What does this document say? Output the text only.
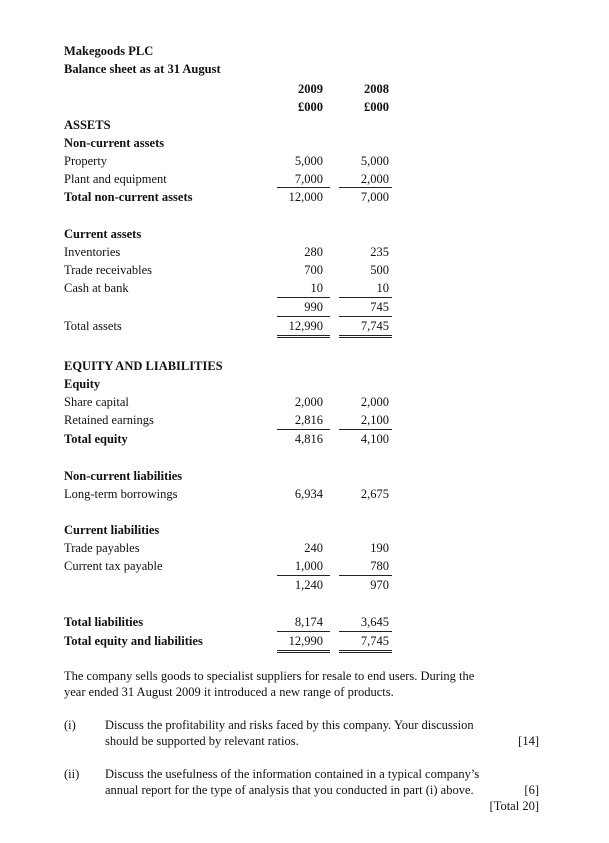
Makegoods PLC
Balance sheet as at 31 August
2009	2008
£000	£000
ASSETS
Non-current assets
Property	5,000	5,000
Plant and equipment	7,000	2,000
Total non-current assets	12,000	7,000
Current assets
Inventories	280	235
Trade receivables	700	500
Cash at bank	10	10
990	745
Total assets	12,990	7,745
EQUITY AND LIABILITIES
Equity
Share capital	2,000	2,000
Retained earnings	2,816	2,100
Total equity	4,816	4,100
Non-current liabilities
Long-term borrowings	6,934	2,675
Current liabilities
Trade payables	240	190
Current tax payable	1,000	780
1,240	970
Total liabilities	8,174	3,645
Total equity and liabilities	12,990	7,745
The company sells goods to specialist suppliers for resale to end users. During the
year ended 31 August 2009 it introduced a new range of products.
(i) Discuss the profitability and risks faced by this company. Your discussion
should be supported by relevant ratios.	[14]
(ii) Discuss the usefulness of the information contained in a typical company’s
annual report for the type of analysis that you conducted in part (i) above.	[6]
[Total 20]
